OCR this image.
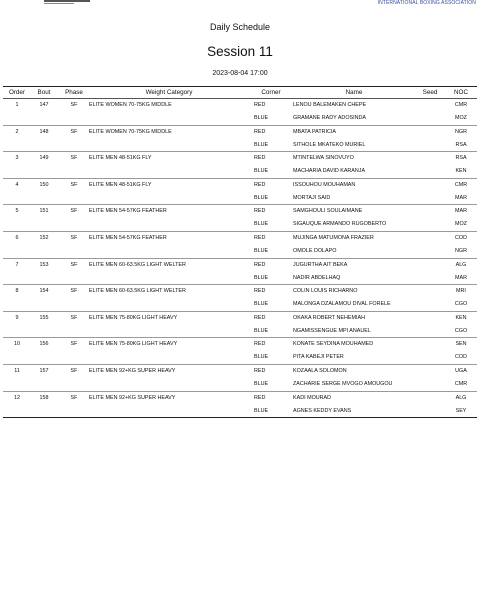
INTERNATIONAL BOXING ASSOCIATION
Daily Schedule
Session 11
2023-08-04 17:00
Order	Bout	Phase	Weight Category	Corner	Name	Seed	NOC
1	147	SF	ELITE WOMEN 70-75KG MIDDLE	RED	LENOU BALEMAKEN CHEPE	CMR
BLUE	GRAMANE RADY ADOSINDA	MOZ
2	148	SF	ELITE WOMEN 70-75KG MIDDLE	RED	MBATA PATRICIA	NGR
BLUE	SITHOLE MKATEKO MURIEL	RSA
3	149	SF	ELITE MEN 48-51KG FLY	RED	MTINTELWA SINOVUYO	RSA
BLUE	MACHARIA DAVID KARANJA	KEN
4	150	SF	ELITE MEN 48-51KG FLY	RED	ISSOUHOU MOUHAMAN	CMR
BLUE	MORTAJI SAID	MAR
5	151	SF	ELITE MEN 54-57KG FEATHER	RED	SAMGHOULI SOULAIMANE	MAR
BLUE	SIGAUQUE ARMANDO RUGOBERTO	MOZ
6	152	SF	ELITE MEN 54-57KG FEATHER	RED	MUJINGA MATUMONA FRAZIER	COD
BLUE	OMOLE DOLAPO	NGR
7	153	SF	ELITE MEN 60-63.5KG LIGHT WELTER	RED	JUGURTHA AIT BEKA	ALG
BLUE	NADIR ABDELHAQ	MAR
8	154	SF	ELITE MEN 60-63.5KG LIGHT WELTER	RED	COLIN LOUIS RICHARNO	MRI
BLUE	MALONGA DZALAMOU DIVAL FORELE	CGO
9	155	SF	ELITE MEN 75-80KG LIGHT HEAVY	RED	OKAKA ROBERT NEHEMIAH	KEN
BLUE	NGAMISSENGUE MPI ANAUEL	CGO
10	156	SF	ELITE MEN 75-80KG LIGHT HEAVY	RED	KONATE SEYDINA MOUHAMED	SEN
BLUE	PITA KABEJI PETER	COD
11	157	SF	ELITE MEN 92+KG SUPER HEAVY	RED	KOZAALA SOLOMON	UGA
BLUE	ZACHARIE SERGE MVOGO AMOUGOU	CMR
12	158	SF	ELITE MEN 92+KG SUPER HEAVY	RED	KADI MOURAD	ALG
BLUE	AGNES KEDDY EVANS	SEY
